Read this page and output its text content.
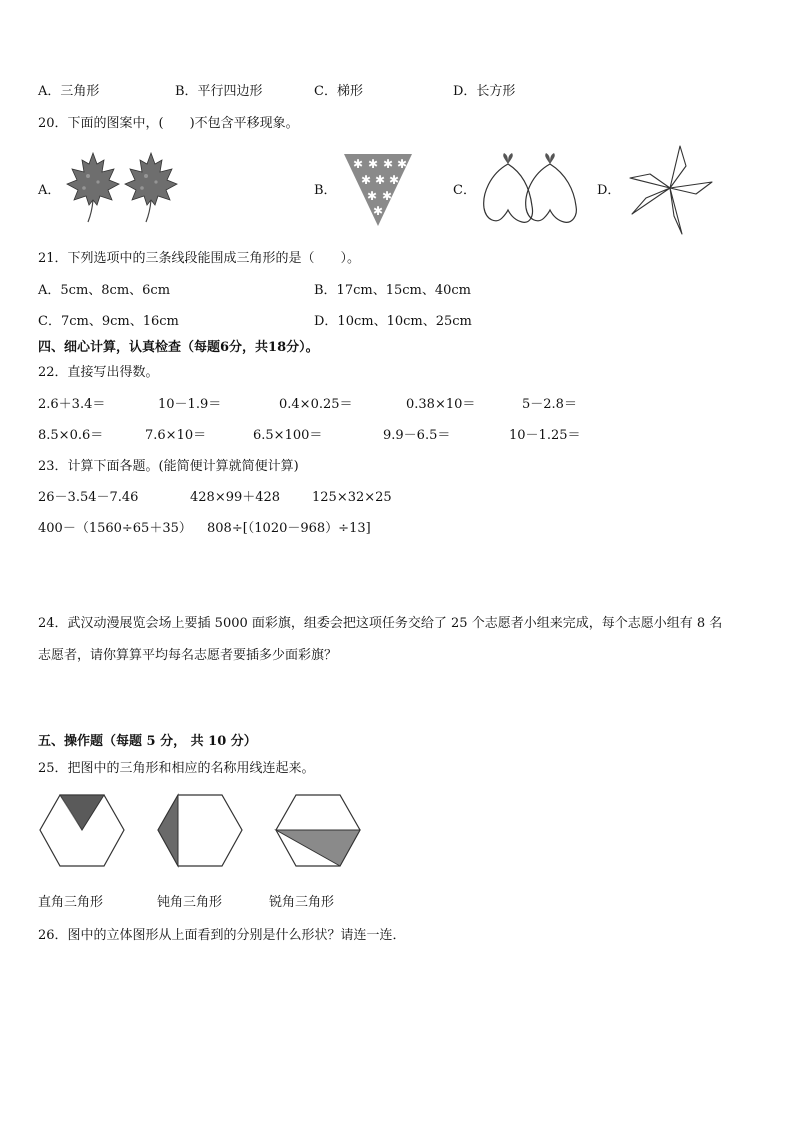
A．三角形	B．平行四边形	C．梯形	D．长方形
20．下面的图案中，(　　)不包含平移现象。
A．	B．
✱ ✱ ✱ ✱
✱ ✱ ✱
✱ ✱
✱
C．	D．
21．下列选项中的三条线段能围成三角形的是（　　）。
A．5cm、8cm、6cm	B．17cm、15cm、40cm
C．7cm、9cm、16cm	D．10cm、10cm、25cm
四、细心计算，认真检查（每题6分，共18分）。
22．直接写出得数。
2.6＋3.4＝	10－1.9＝	0.4×0.25＝	0.38×10＝	5－2.8＝
8.5×0.6＝	7.6×10＝	6.5×100＝	9.9－6.5＝	10－1.25＝
23．计算下面各题。(能简便计算就简便计算)
26－3.54－7.46	428×99＋428 125×32×25
400－（1560÷65＋35） 808÷[（1020－968）÷13]
24．武汉动漫展览会场上要插 5000 面彩旗，组委会把这项任务交给了 25 个志愿者小组来完成，每个志愿小组有 8 名
志愿者，请你算算平均每名志愿者要插多少面彩旗？
五、操作题（每题 5 分， 共 10 分）
25．把图中的三角形和相应的名称用线连起来。
直角三角形	钝角三角形	锐角三角形
26．图中的立体图形从上面看到的分别是什么形状？请连一连．
